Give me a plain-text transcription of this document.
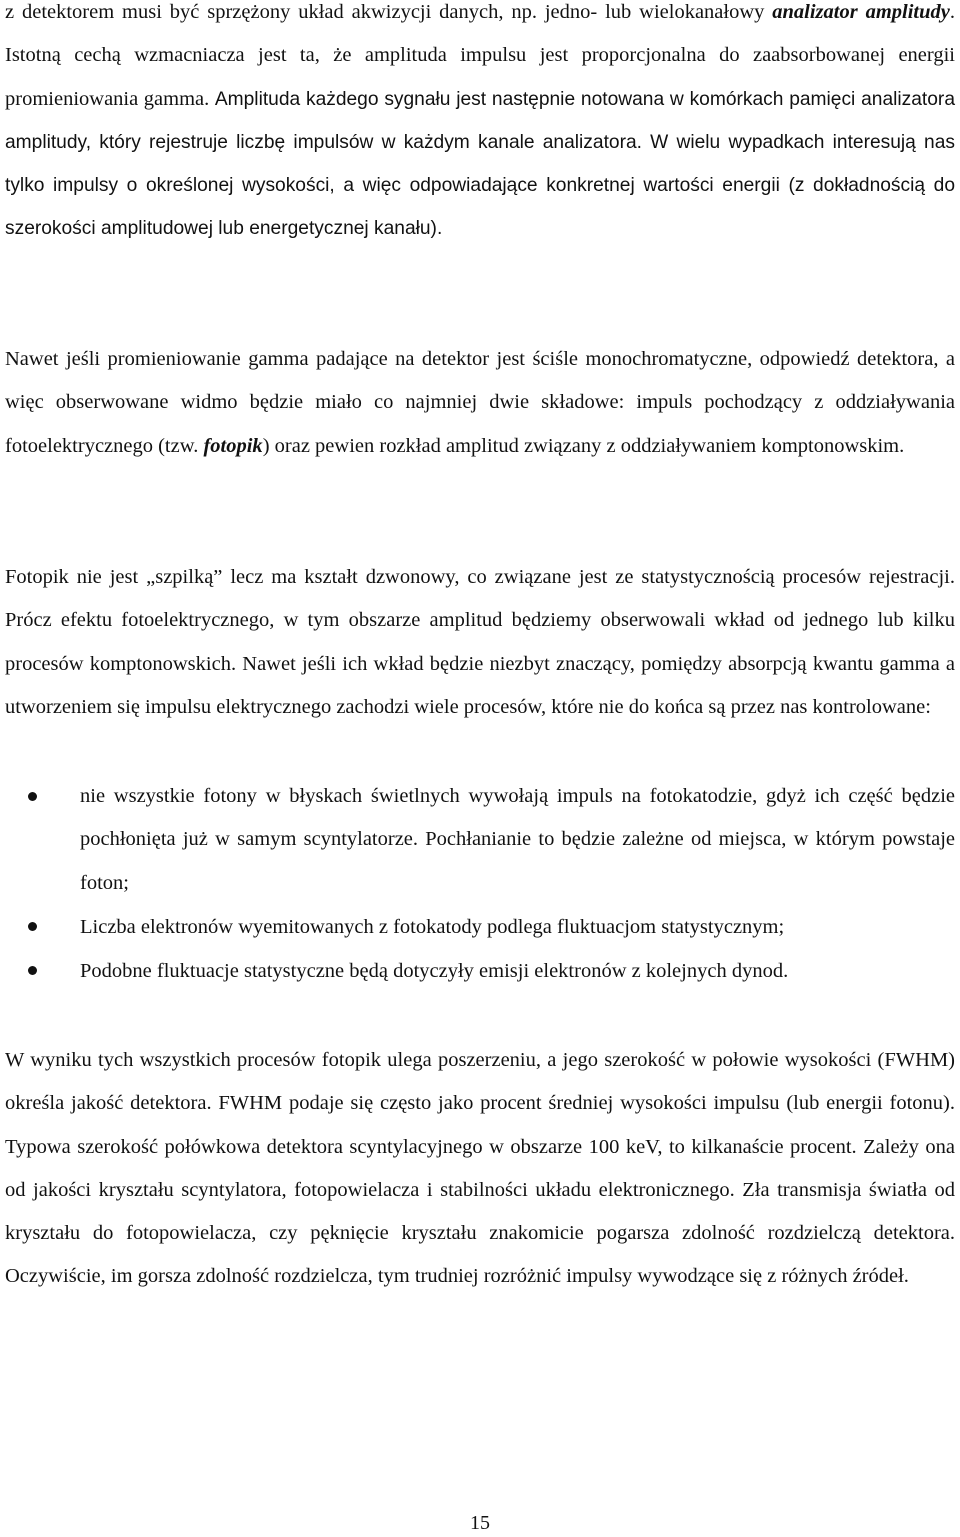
z detektorem musi być sprzężony układ akwizycji danych, np. jedno- lub wielokanałowy analizator amplitudy. Istotną cechą wzmacniacza jest ta, że amplituda impulsu jest proporcjonalna do zaabsorbowanej energii promieniowania gamma. Amplituda każdego sygnału jest następnie notowana w komórkach pamięci analizatora amplitudy, który rejestruje liczbę impulsów w każdym kanale analizatora. W wielu wypadkach interesują nas tylko impulsy o określonej wysokości, a więc odpowiadające konkretnej wartości energii (z dokładnością do szerokości amplitudowej lub energetycznej kanału).

Nawet jeśli promieniowanie gamma padające na detektor jest ściśle monochromatyczne, odpowiedź detektora, a więc obserwowane widmo będzie miało co najmniej dwie składowe: impuls pochodzący z oddziaływania fotoelektrycznego (tzw. fotopik) oraz pewien rozkład amplitud związany z oddziaływaniem komptonowskim.

Fotopik nie jest „szpilką” lecz ma kształt dzwonowy, co związane jest ze statystycznością procesów rejestracji. Prócz efektu fotoelektrycznego, w tym obszarze amplitud będziemy obserwowali wkład od jednego lub kilku procesów komptonowskich. Nawet jeśli ich wkład będzie niezbyt znaczący, pomiędzy absorpcją kwantu gamma a utworzeniem się impulsu elektrycznego zachodzi wiele procesów, które nie do końca są przez nas kontrolowane:

nie wszystkie fotony w błyskach świetlnych wywołają impuls na fotokatodzie, gdyż ich część będzie pochłonięta już w samym scyntylatorze. Pochłanianie to będzie zależne od miejsca, w którym powstaje foton;
Liczba elektronów wyemitowanych z fotokatody podlega fluktuacjom statystycznym;
Podobne fluktuacje statystyczne będą dotyczyły emisji elektronów z kolejnych dynod.

W wyniku tych wszystkich procesów fotopik ulega poszerzeniu, a jego szerokość w połowie wysokości (FWHM) określa jakość detektora. FWHM podaje się często jako procent średniej wysokości impulsu (lub energii fotonu). Typowa szerokość połówkowa detektora scyntylacyjnego w obszarze 100 keV, to kilkanaście procent. Zależy ona od jakości kryształu scyntylatora, fotopowielacza i stabilności układu elektronicznego. Zła transmisja światła od kryształu do fotopowielacza, czy pęknięcie kryształu znakomicie pogarsza zdolność rozdzielczą detektora. Oczywiście, im gorsza zdolność rozdzielcza, tym trudniej rozróżnić impulsy wywodzące się z różnych źródeł.

15
